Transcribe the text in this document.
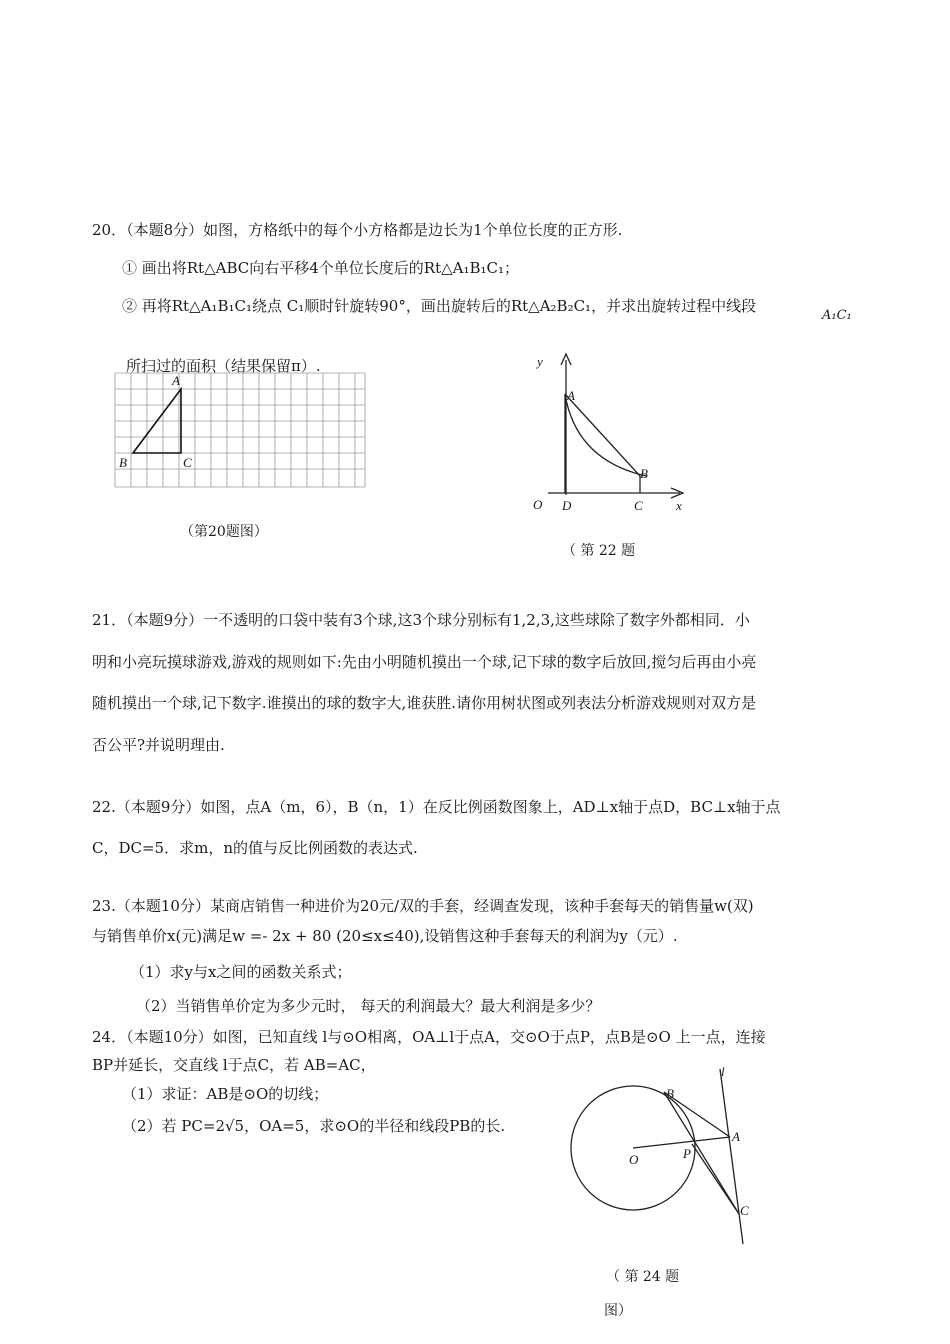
20．（本题8分）如图，方格纸中的每个小方格都是边长为1个单位长度的正方形.
① 画出将Rt△ABC向右平移4个单位长度后的Rt△A₁B₁C₁；
② 再将Rt△A₁B₁C₁绕点 C₁顺时针旋转90°，画出旋转后的Rt△A₂B₂C₁，并求出旋转过程中线段
A₁C₁
所扫过的面积（结果保留π）.
A
B	C
（第20题图）
y
A
B
O D	C	x
（ 第 22 题
21．（本题9分）一不透明的口袋中装有3个球,这3个球分别标有1,2,3,这些球除了数字外都相同．小
明和小亮玩摸球游戏,游戏的规则如下:先由小明随机摸出一个球,记下球的数字后放回,搅匀后再由小亮
随机摸出一个球,记下数字.谁摸出的球的数字大,谁获胜.请你用树状图或列表法分析游戏规则对双方是
否公平?并说明理由.
22.（本题9分）如图，点A（m，6），B（n，1）在反比例函数图象上，AD⊥x轴于点D，BC⊥x轴于点
C，DC=5．求m，n的值与反比例函数的表达式.
23.（本题10分）某商店销售一种进价为20元/双的手套，经调查发现，该种手套每天的销售量w(双)
与销售单价x(元)满足w =- 2x + 80 (20≤x≤40),设销售这种手套每天的利润为y（元）.
（1）求y与x之间的函数关系式；
（2）当销售单价定为多少元时， 每天的利润最大？最大利润是多少？
24．（本题10分）如图，已知直线 l与⊙O相离，OA⊥l于点A，交⊙O于点P，点B是⊙O 上一点，连接
BP并延长，交直线 l于点C，若 AB=AC，
（1）求证：AB是⊙O的切线；
（2）若 PC=2√5，OA=5，求⊙O的半径和线段PB的长.
l
B
A
O	P
C
（ 第 24 题
图）
